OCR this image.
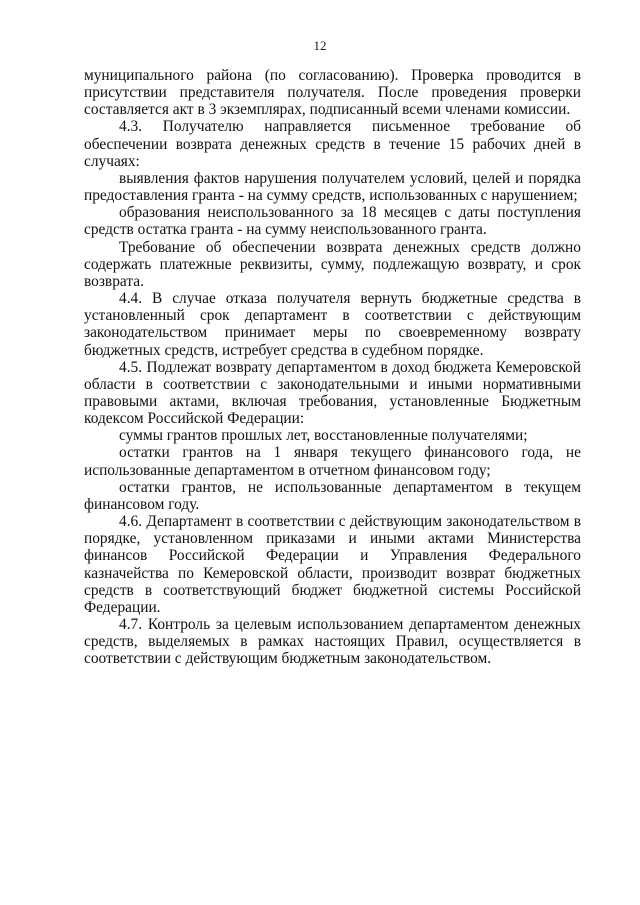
12

муниципального района (по согласованию). Проверка проводится в присутствии представителя получателя. После проведения проверки составляется акт в 3 экземплярах, подписанный всеми членами комиссии.

4.3. Получателю направляется письменное требование об обеспечении возврата денежных средств в течение 15 рабочих дней в случаях:

выявления фактов нарушения получателем условий, целей и порядка предоставления гранта - на сумму средств, использованных с нарушением;

образования неиспользованного за 18 месяцев с даты поступления средств остатка гранта - на сумму неиспользованного гранта.

Требование об обеспечении возврата денежных средств должно содержать платежные реквизиты, сумму, подлежащую возврату, и срок возврата.

4.4. В случае отказа получателя вернуть бюджетные средства в установленный срок департамент в соответствии с действующим законодательством принимает меры по своевременному возврату бюджетных средств, истребует средства в судебном порядке.

4.5. Подлежат возврату департаментом в доход бюджета Кемеровской области в соответствии с законодательными и иными нормативными правовыми актами, включая требования, установленные Бюджетным кодексом Российской Федерации:

суммы грантов прошлых лет, восстановленные получателями;

остатки грантов на 1 января текущего финансового года, не использованные департаментом в отчетном финансовом году;

остатки грантов, не использованные департаментом в текущем финансовом году.

4.6. Департамент в соответствии с действующим законодательством в порядке, установленном приказами и иными актами Министерства финансов Российской Федерации и Управления Федерального казначейства по Кемеровской области, производит возврат бюджетных средств в соответствующий бюджет бюджетной системы Российской Федерации.

4.7. Контроль за целевым использованием департаментом денежных средств, выделяемых в рамках настоящих Правил, осуществляется в соответствии с действующим бюджетным законодательством.
